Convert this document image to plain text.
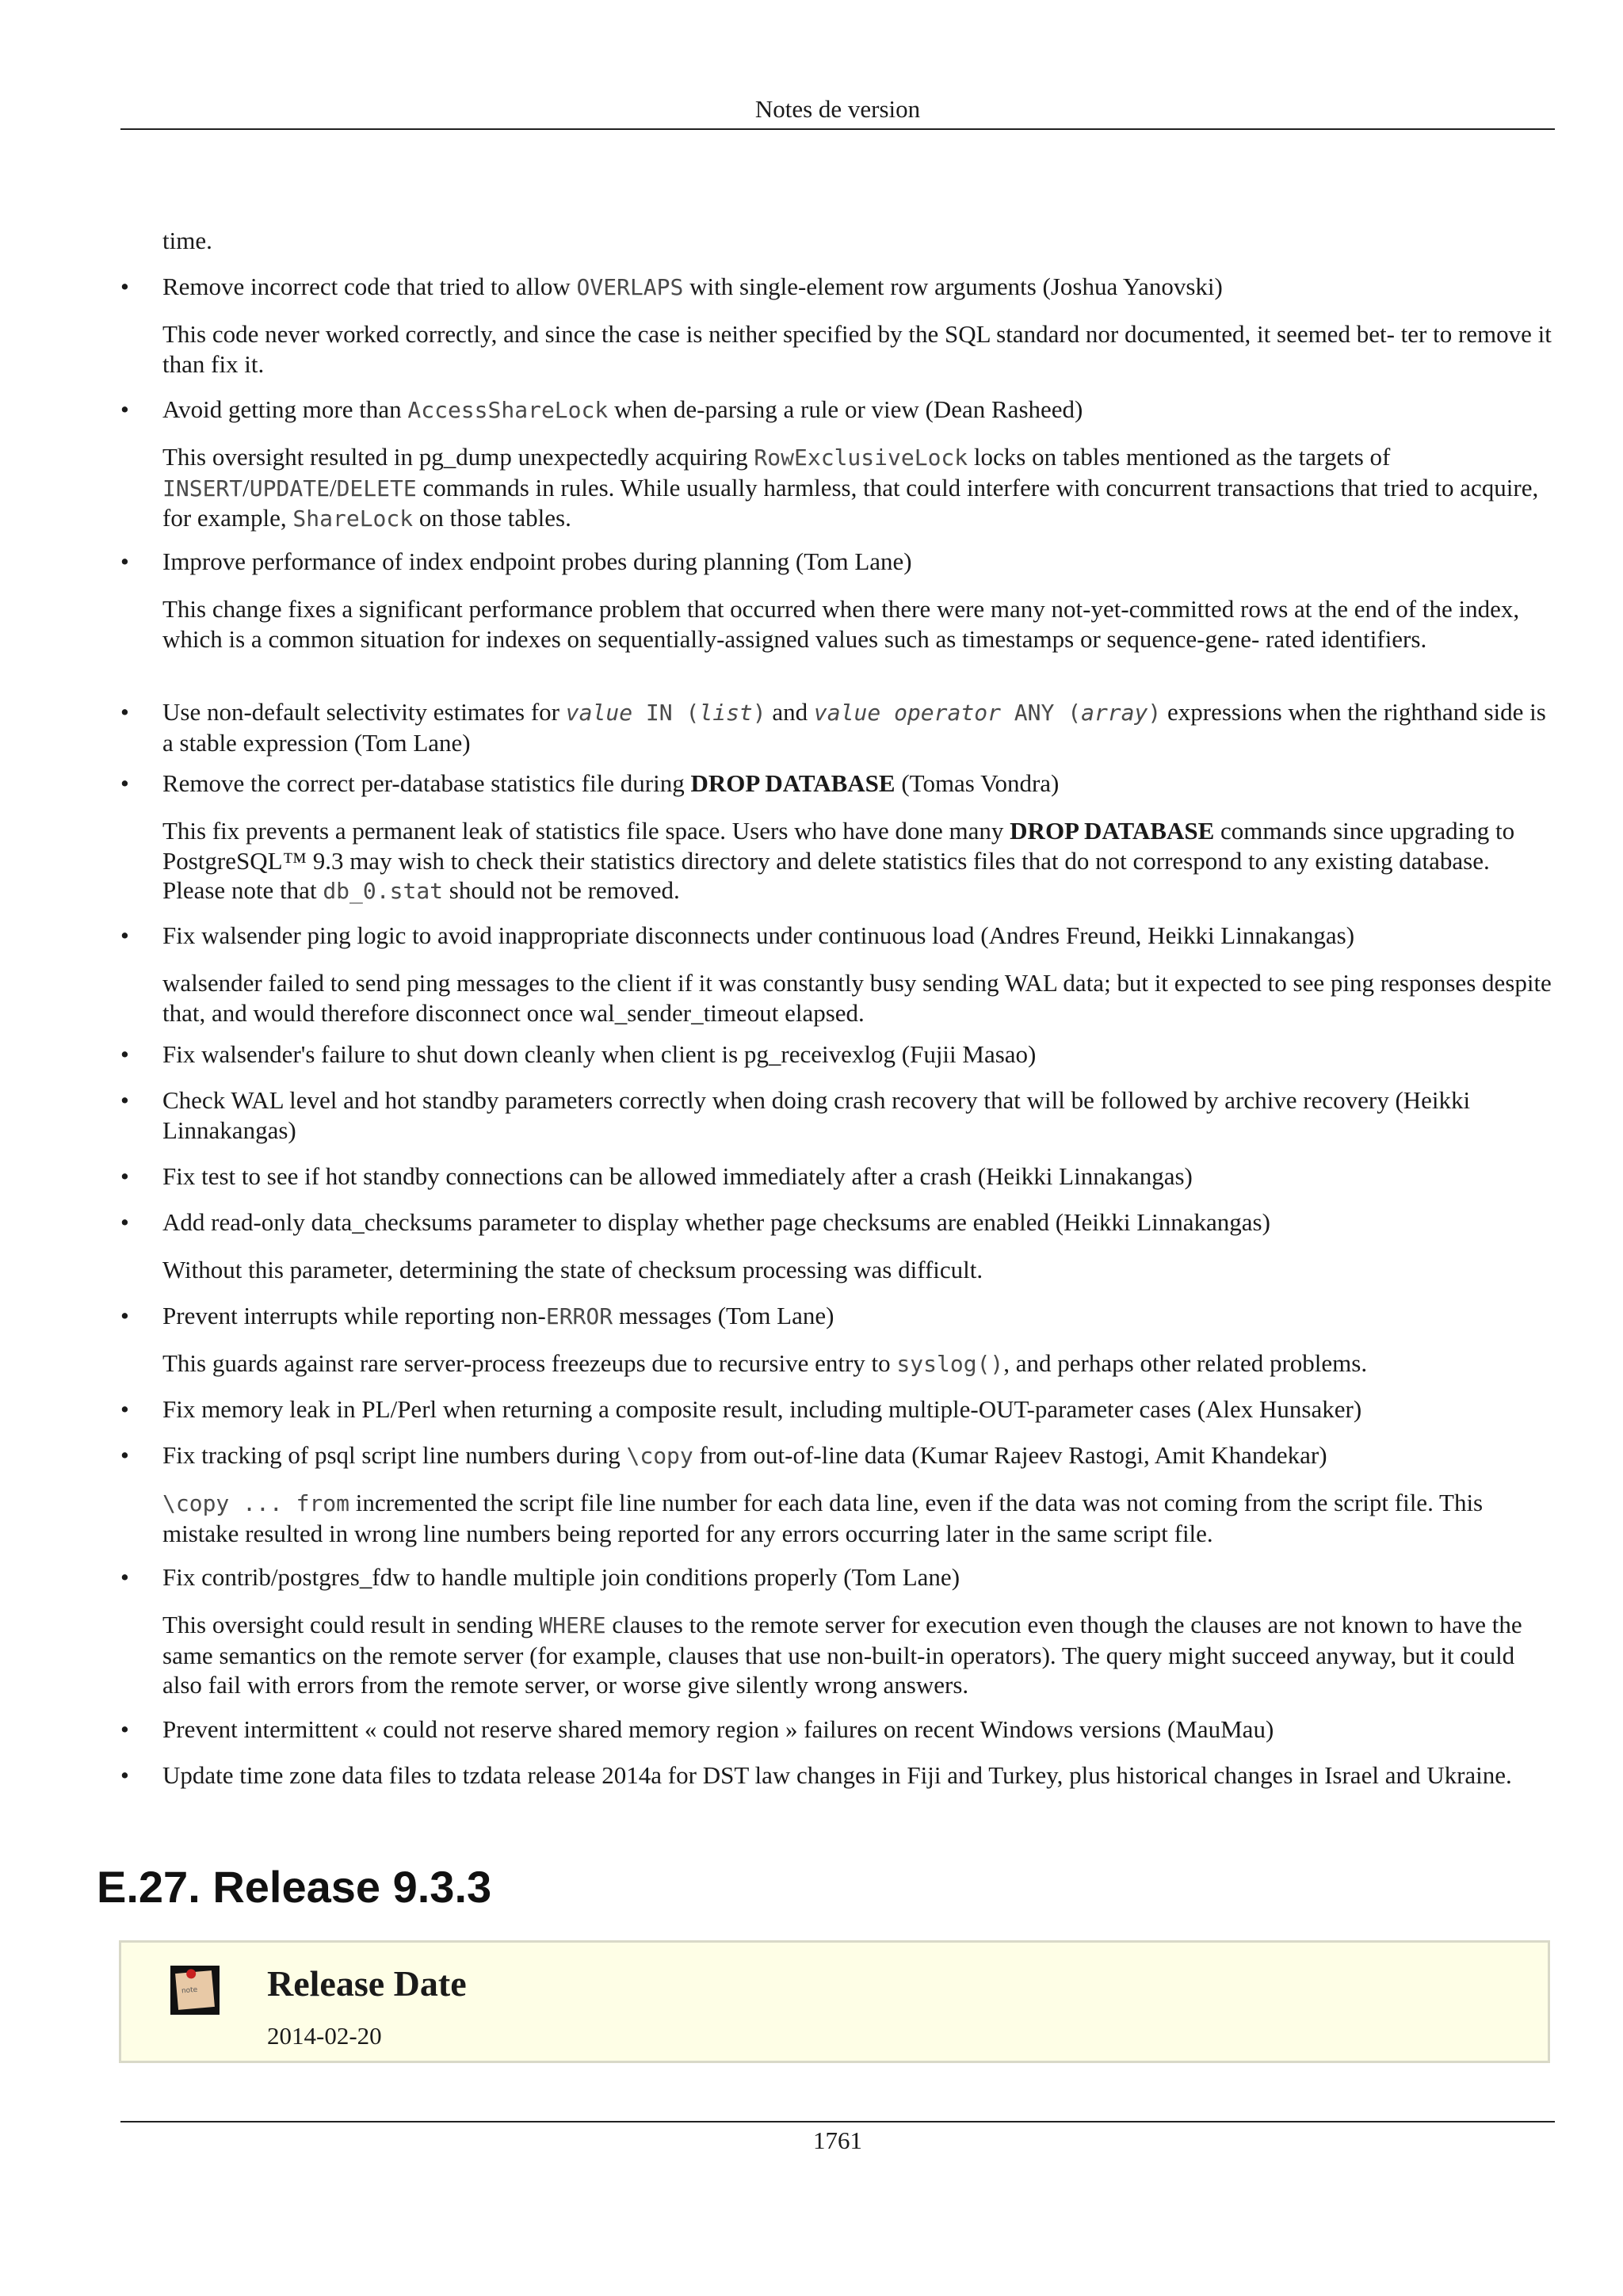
Notes de version

time.

• Remove incorrect code that tried to allow OVERLAPS with single-element row arguments (Joshua Yanovski)

This code never worked correctly, and since the case is neither specified by the SQL standard nor documented, it seemed bet- ter to remove it than fix it.

• Avoid getting more than AccessShareLock when de-parsing a rule or view (Dean Rasheed)

This oversight resulted in pg_dump unexpectedly acquiring RowExclusiveLock locks on tables mentioned as the targets of INSERT/UPDATE/DELETE commands in rules. While usually harmless, that could interfere with concurrent transactions that tried to acquire, for example, ShareLock on those tables.

• Improve performance of index endpoint probes during planning (Tom Lane)

This change fixes a significant performance problem that occurred when there were many not-yet-committed rows at the end of the index, which is a common situation for indexes on sequentially-assigned values such as timestamps or sequence-gene- rated identifiers.

• Use non-default selectivity estimates for value IN (list) and value operator ANY (array) expressions when the righthand side is a stable expression (Tom Lane)

• Remove the correct per-database statistics file during DROP DATABASE (Tomas Vondra)

This fix prevents a permanent leak of statistics file space. Users who have done many DROP DATABASE commands since upgrading to PostgreSQL™ 9.3 may wish to check their statistics directory and delete statistics files that do not correspond to any existing database. Please note that db_0.stat should not be removed.

• Fix walsender ping logic to avoid inappropriate disconnects under continuous load (Andres Freund, Heikki Linnakangas)

walsender failed to send ping messages to the client if it was constantly busy sending WAL data; but it expected to see ping responses despite that, and would therefore disconnect once wal_sender_timeout elapsed.

• Fix walsender's failure to shut down cleanly when client is pg_receivexlog (Fujii Masao)

• Check WAL level and hot standby parameters correctly when doing crash recovery that will be followed by archive recovery (Heikki Linnakangas)

• Fix test to see if hot standby connections can be allowed immediately after a crash (Heikki Linnakangas)

• Add read-only data_checksums parameter to display whether page checksums are enabled (Heikki Linnakangas)

Without this parameter, determining the state of checksum processing was difficult.

• Prevent interrupts while reporting non-ERROR messages (Tom Lane)

This guards against rare server-process freezeups due to recursive entry to syslog(), and perhaps other related problems.

• Fix memory leak in PL/Perl when returning a composite result, including multiple-OUT-parameter cases (Alex Hunsaker)

• Fix tracking of psql script line numbers during \copy from out-of-line data (Kumar Rajeev Rastogi, Amit Khandekar)

\copy ... from incremented the script file line number for each data line, even if the data was not coming from the script file. This mistake resulted in wrong line numbers being reported for any errors occurring later in the same script file.

• Fix contrib/postgres_fdw to handle multiple join conditions properly (Tom Lane)

This oversight could result in sending WHERE clauses to the remote server for execution even though the clauses are not known to have the same semantics on the remote server (for example, clauses that use non-built-in operators). The query might succeed anyway, but it could also fail with errors from the remote server, or worse give silently wrong answers.

• Prevent intermittent « could not reserve shared memory region » failures on recent Windows versions (MauMau)

• Update time zone data files to tzdata release 2014a for DST law changes in Fiji and Turkey, plus historical changes in Israel and Ukraine.

E.27. Release 9.3.3
note Release Date
2014-02-20
1761
